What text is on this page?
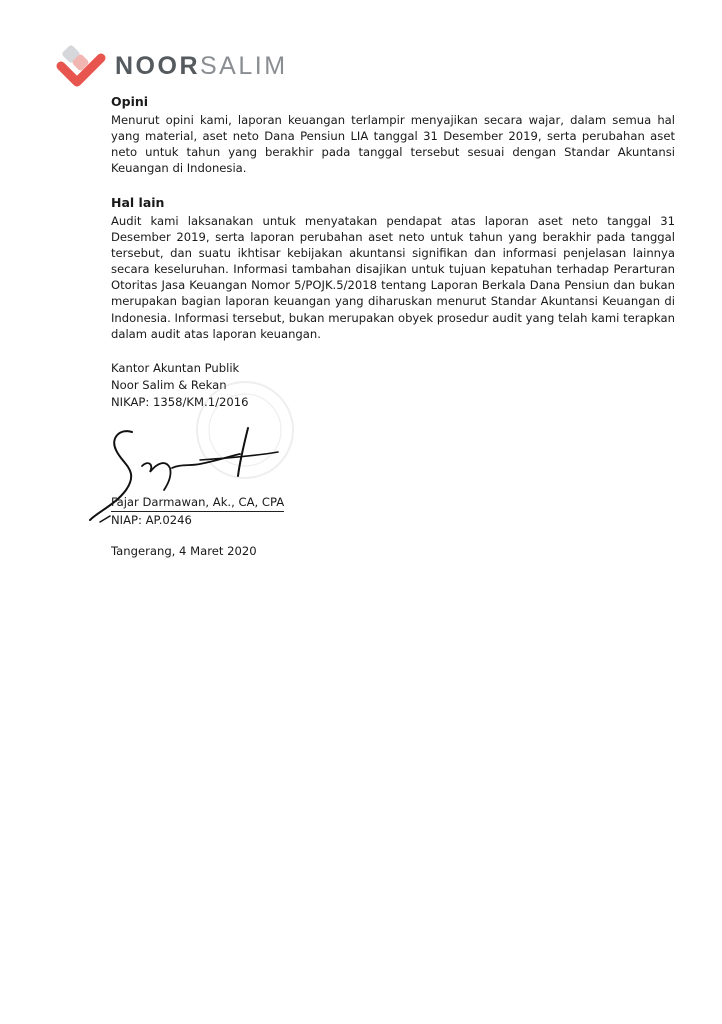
NOORSALIM

Opini

Menurut opini kami, laporan keuangan terlampir menyajikan secara wajar, dalam semua hal yang material, aset neto Dana Pensiun LIA tanggal 31 Desember 2019, serta perubahan aset neto untuk tahun yang berakhir pada tanggal tersebut sesuai dengan Standar Akuntansi Keuangan di Indonesia.

Hal lain

Audit kami laksanakan untuk menyatakan pendapat atas laporan aset neto tanggal 31 Desember 2019, serta laporan perubahan aset neto untuk tahun yang berakhir pada tanggal tersebut, dan suatu ikhtisar kebijakan akuntansi signifikan dan informasi penjelasan lainnya secara keseluruhan. Informasi tambahan disajikan untuk tujuan kepatuhan terhadap Perarturan Otoritas Jasa Keuangan Nomor 5/POJK.5/2018 tentang Laporan Berkala Dana Pensiun dan bukan merupakan bagian laporan keuangan yang diharuskan menurut Standar Akuntansi Keuangan di Indonesia. Informasi tersebut, bukan merupakan obyek prosedur audit yang telah kami terapkan dalam audit atas laporan keuangan.

Kantor Akuntan Publik
Noor Salim & Rekan
NIKAP: 1358/KM.1/2016
Fajar Darmawan, Ak., CA, CPA
NIAP: AP.0246
Tangerang, 4 Maret 2020
